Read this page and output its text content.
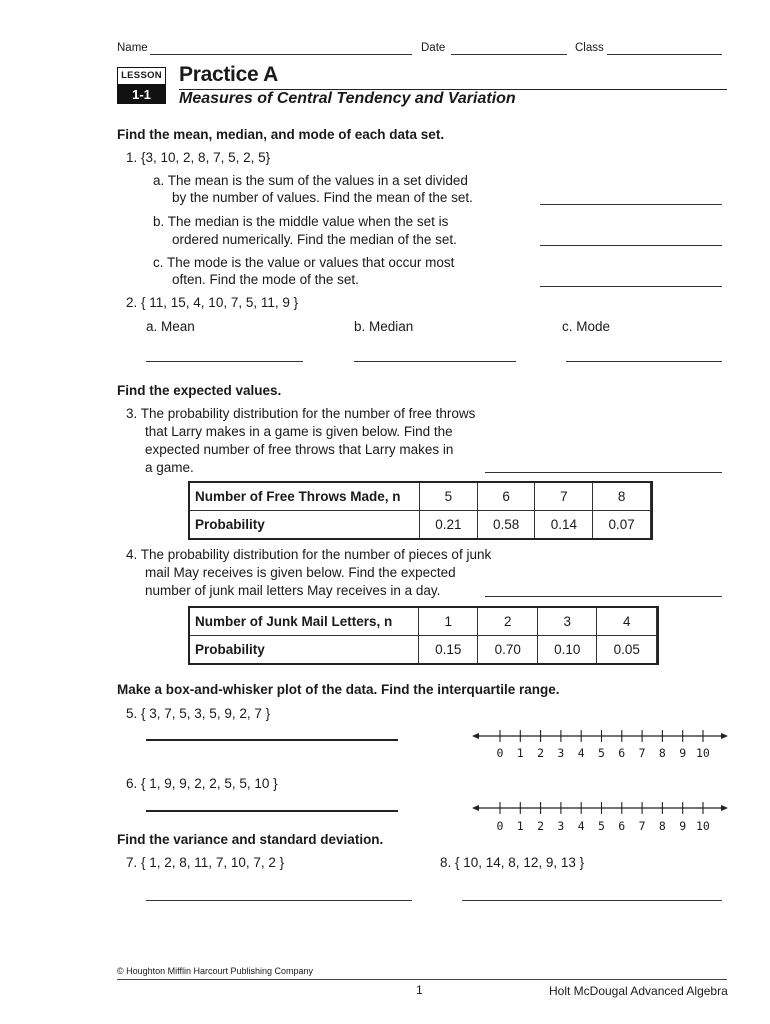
Name	Date	Class
LESSON
1-1
Practice A
Measures of Central Tendency and Variation
Find the mean, median, and mode of each data set.
1. {3, 10, 2, 8, 7, 5, 2, 5}
a. The mean is the sum of the values in a set divided
by the number of values. Find the mean of the set.
b. The median is the middle value when the set is
ordered numerically. Find the median of the set.
c. The mode is the value or values that occur most
often. Find the mode of the set.
2. { 11, 15, 4, 10, 7, 5, 11, 9 }
a. Mean	b. Median	c. Mode
Find the expected values.
3. The probability distribution for the number of free throws
that Larry makes in a game is given below. Find the
expected number of free throws that Larry makes in
a game.
Number of Free Throws Made, n	5	6	7	8
Probability	0.21	0.58	0.14	0.07
4. The probability distribution for the number of pieces of junk
mail May receives is given below. Find the expected
number of junk mail letters May receives in a day.
Number of Junk Mail Letters, n	1	2	3	4
Probability	0.15	0.70	0.10	0.05
Make a box-and-whisker plot of the data. Find the interquartile range.
5. { 3, 7, 5, 3, 5, 9, 2, 7 }
0 1 2 3 4 5 6 7 8 9 10
6. { 1, 9, 9, 2, 2, 5, 5, 10 }
0 1 2 3 4 5 6 7 8 9 10
Find the variance and standard deviation.
7. { 1, 2, 8, 11, 7, 10, 7, 2 }	8. { 10, 14, 8, 12, 9, 13 }
© Houghton Mifflin Harcourt Publishing Company
1	Holt McDougal Advanced Algebra
